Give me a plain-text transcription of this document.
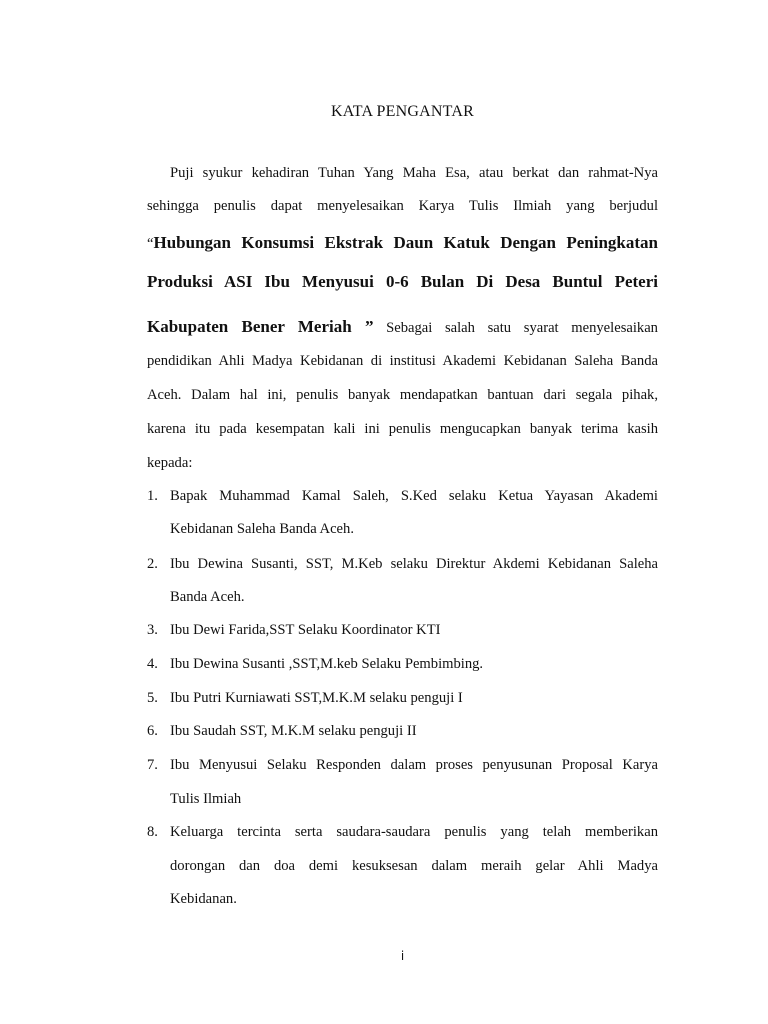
KATA PENGANTAR
Puji syukur kehadiran Tuhan Yang Maha Esa, atau berkat dan rahmat-Nya
sehingga penulis dapat menyelesaikan Karya Tulis Ilmiah yang berjudul
“Hubungan Konsumsi Ekstrak Daun Katuk Dengan Peningkatan
Produksi ASI Ibu Menyusui 0-6 Bulan Di Desa Buntul Peteri
Kabupaten Bener Meriah ” Sebagai salah satu syarat menyelesaikan
pendidikan Ahli Madya Kebidanan di institusi Akademi Kebidanan Saleha Banda
Aceh. Dalam hal ini, penulis banyak mendapatkan bantuan dari segala pihak,
karena itu pada kesempatan kali ini penulis mengucapkan banyak terima kasih
kepada:
1. Bapak Muhammad Kamal Saleh, S.Ked selaku Ketua Yayasan Akademi
Kebidanan Saleha Banda Aceh.
2. Ibu Dewina Susanti, SST, M.Keb selaku Direktur Akdemi Kebidanan Saleha
Banda Aceh.
3. Ibu Dewi Farida,SST Selaku Koordinator KTI
4. Ibu Dewina Susanti ,SST,M.keb Selaku Pembimbing.
5. Ibu Putri Kurniawati SST,M.K.M selaku penguji I
6. Ibu Saudah SST, M.K.M selaku penguji II
7. Ibu Menyusui Selaku Responden dalam proses penyusunan Proposal Karya
Tulis Ilmiah
8. Keluarga tercinta serta saudara-saudara penulis yang telah memberikan
dorongan dan doa demi kesuksesan dalam meraih gelar Ahli Madya
Kebidanan.
i
